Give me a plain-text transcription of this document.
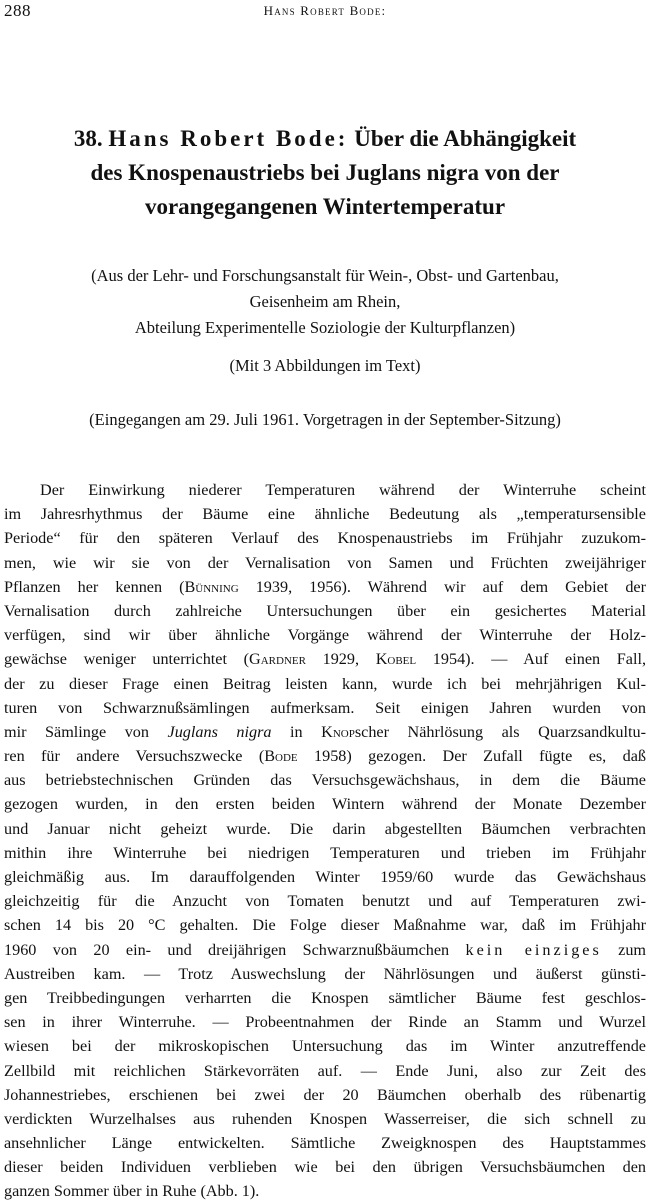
288	Hans Robert Bode:
38. Hans Robert Bode: Über die Abhängigkeit
des Knospenaustriebs bei Juglans nigra von der
vorangegangenen Wintertemperatur
(Aus der Lehr- und Forschungsanstalt für Wein-, Obst- und Gartenbau,
Geisenheim am Rhein,
Abteilung Experimentelle Soziologie der Kulturpflanzen)
(Mit 3 Abbildungen im Text)
(Eingegangen am 29. Juli 1961. Vorgetragen in der September-Sitzung)
Der Einwirkung niederer Temperaturen während der Winterruhe scheint
im Jahresrhythmus der Bäume eine ähnliche Bedeutung als „temperatursensible
Periode“ für den späteren Verlauf des Knospenaustriebs im Frühjahr zuzukom-
men, wie wir sie von der Vernalisation von Samen und Früchten zweijähriger
Pflanzen her kennen (Bünning 1939, 1956). Während wir auf dem Gebiet der
Vernalisation durch zahlreiche Untersuchungen über ein gesichertes Material
verfügen, sind wir über ähnliche Vorgänge während der Winterruhe der Holz-
gewächse weniger unterrichtet (Gardner 1929, Kobel 1954). — Auf einen Fall,
der zu dieser Frage einen Beitrag leisten kann, wurde ich bei mehrjährigen Kul-
turen von Schwarznußsämlingen aufmerksam. Seit einigen Jahren wurden von
mir Sämlinge von Juglans nigra in Knopscher Nährlösung als Quarzsandkultu-
ren für andere Versuchszwecke (Bode 1958) gezogen. Der Zufall fügte es, daß
aus betriebstechnischen Gründen das Versuchsgewächshaus, in dem die Bäume
gezogen wurden, in den ersten beiden Wintern während der Monate Dezember
und Januar nicht geheizt wurde. Die darin abgestellten Bäumchen verbrachten
mithin ihre Winterruhe bei niedrigen Temperaturen und trieben im Frühjahr
gleichmäßig aus. Im darauffolgenden Winter 1959/60 wurde das Gewächshaus
gleichzeitig für die Anzucht von Tomaten benutzt und auf Temperaturen zwi-
schen 14 bis 20 °C gehalten. Die Folge dieser Maßnahme war, daß im Frühjahr
1960 von 20 ein- und dreijährigen Schwarznußbäumchen kein einziges zum
Austreiben kam. — Trotz Auswechslung der Nährlösungen und äußerst günsti-
gen Treibbedingungen verharrten die Knospen sämtlicher Bäume fest geschlos-
sen in ihrer Winterruhe. — Probeentnahmen der Rinde an Stamm und Wurzel
wiesen bei der mikroskopischen Untersuchung das im Winter anzutreffende
Zellbild mit reichlichen Stärkevorräten auf. — Ende Juni, also zur Zeit des
Johannestriebes, erschienen bei zwei der 20 Bäumchen oberhalb des rübenartig
verdickten Wurzelhalses aus ruhenden Knospen Wasserreiser, die sich schnell zu
ansehnlicher Länge entwickelten. Sämtliche Zweigknospen des Hauptstammes
dieser beiden Individuen verblieben wie bei den übrigen Versuchsbäumchen den
ganzen Sommer über in Ruhe (Abb. 1).
